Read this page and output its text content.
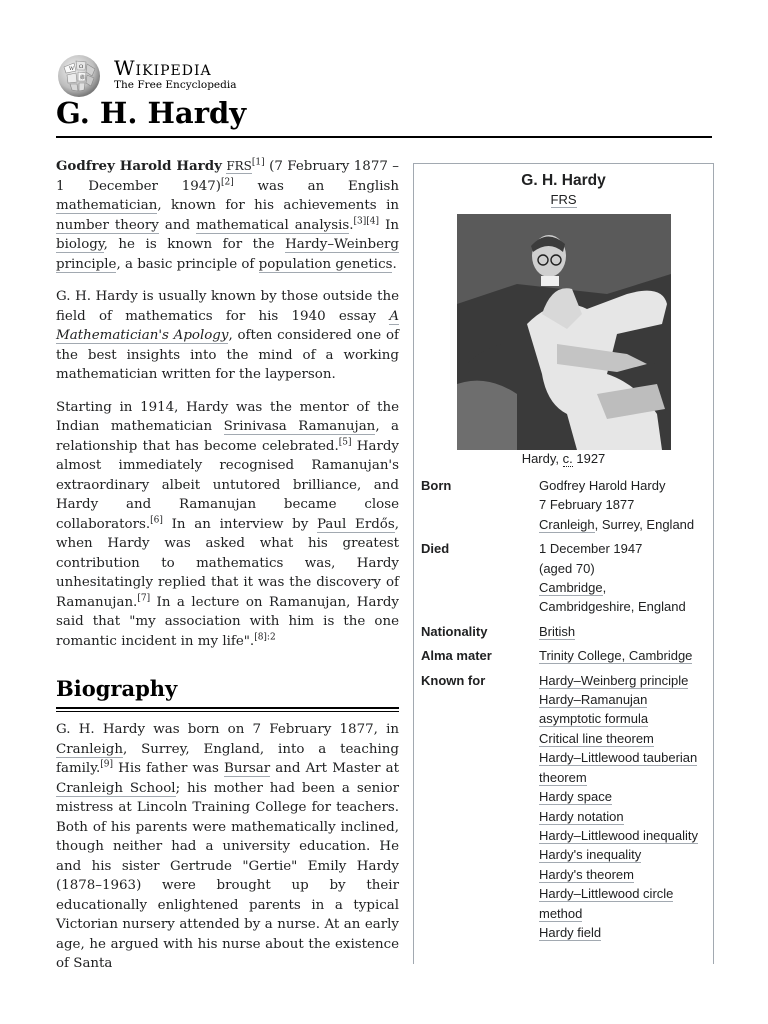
W Ω
維 Wikipedia
The Free Encyclopedia
G. H. Hardy

Godfrey Harold Hardy FRS[1] (7 February 1877 – 1 December 1947)[2] was an English mathematician, known for his achievements in number theory and mathematical analysis.[3][4] In biology, he is known for the Hardy–Weinberg principle, a basic principle of population genetics.

G. H. Hardy is usually known by those outside the field of mathematics for his 1940 essay A Mathematician's Apology, often considered one of the best insights into the mind of a working mathematician written for the layperson.

Starting in 1914, Hardy was the mentor of the Indian mathematician Srinivasa Ramanujan, a relationship that has become celebrated.[5] Hardy almost immediately recognised Ramanujan's extraordinary albeit untutored brilliance, and Hardy and Ramanujan became close collaborators.[6] In an interview by Paul Erdős, when Hardy was asked what his greatest contribution to mathematics was, Hardy unhesitatingly replied that it was the discovery of Ramanujan.[7] In a lecture on Ramanujan, Hardy said that "my association with him is the one romantic incident in my life".$^{[8]:2}$

Biography

G. H. Hardy was born on 7 February 1877, in Cranleigh, Surrey, England, into a teaching family.[9] His father was Bursar and Art Master at Cranleigh School; his mother had been a senior mistress at Lincoln Training College for teachers. Both of his parents were mathematically inclined, though neither had a university education. He and his sister Gertrude "Gertie" Emily Hardy (1878–1963) were brought up by their educationally enlightened parents in a typical Victorian nursery attended by a nurse. At an early age, he argued with his nurse about the existence of Santa

G. H. Hardy
FRS
Hardy, c. 1927
Born	Godfrey Harold Hardy
7 February 1877
Cranleigh, Surrey, England
Died	1 December 1947
(aged 70)
Cambridge,
Cambridgeshire, England
Nationality	British
Alma mater	Trinity College, Cambridge
Known for	Hardy–Weinberg principle
Hardy–Ramanujan
asymptotic formula
Critical line theorem
Hardy–Littlewood tauberian
theorem
Hardy space
Hardy notation
Hardy–Littlewood inequality
Hardy's inequality
Hardy's theorem
Hardy–Littlewood circle
method
Hardy field
